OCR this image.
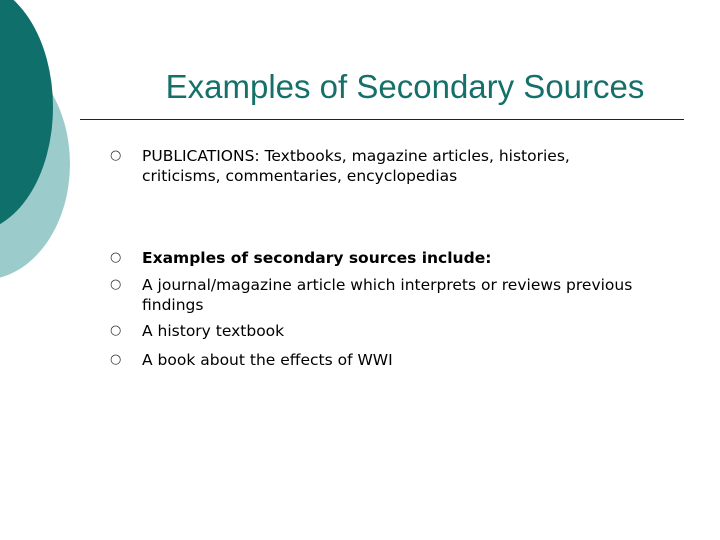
Examples of Secondary Sources
○	PUBLICATIONS: Textbooks, magazine articles, histories, criticisms, commentaries, encyclopedias
○	Examples of secondary sources include:
○	A journal/magazine article which interprets or reviews previous findings
○	A history textbook
○	A book about the effects of WWI
